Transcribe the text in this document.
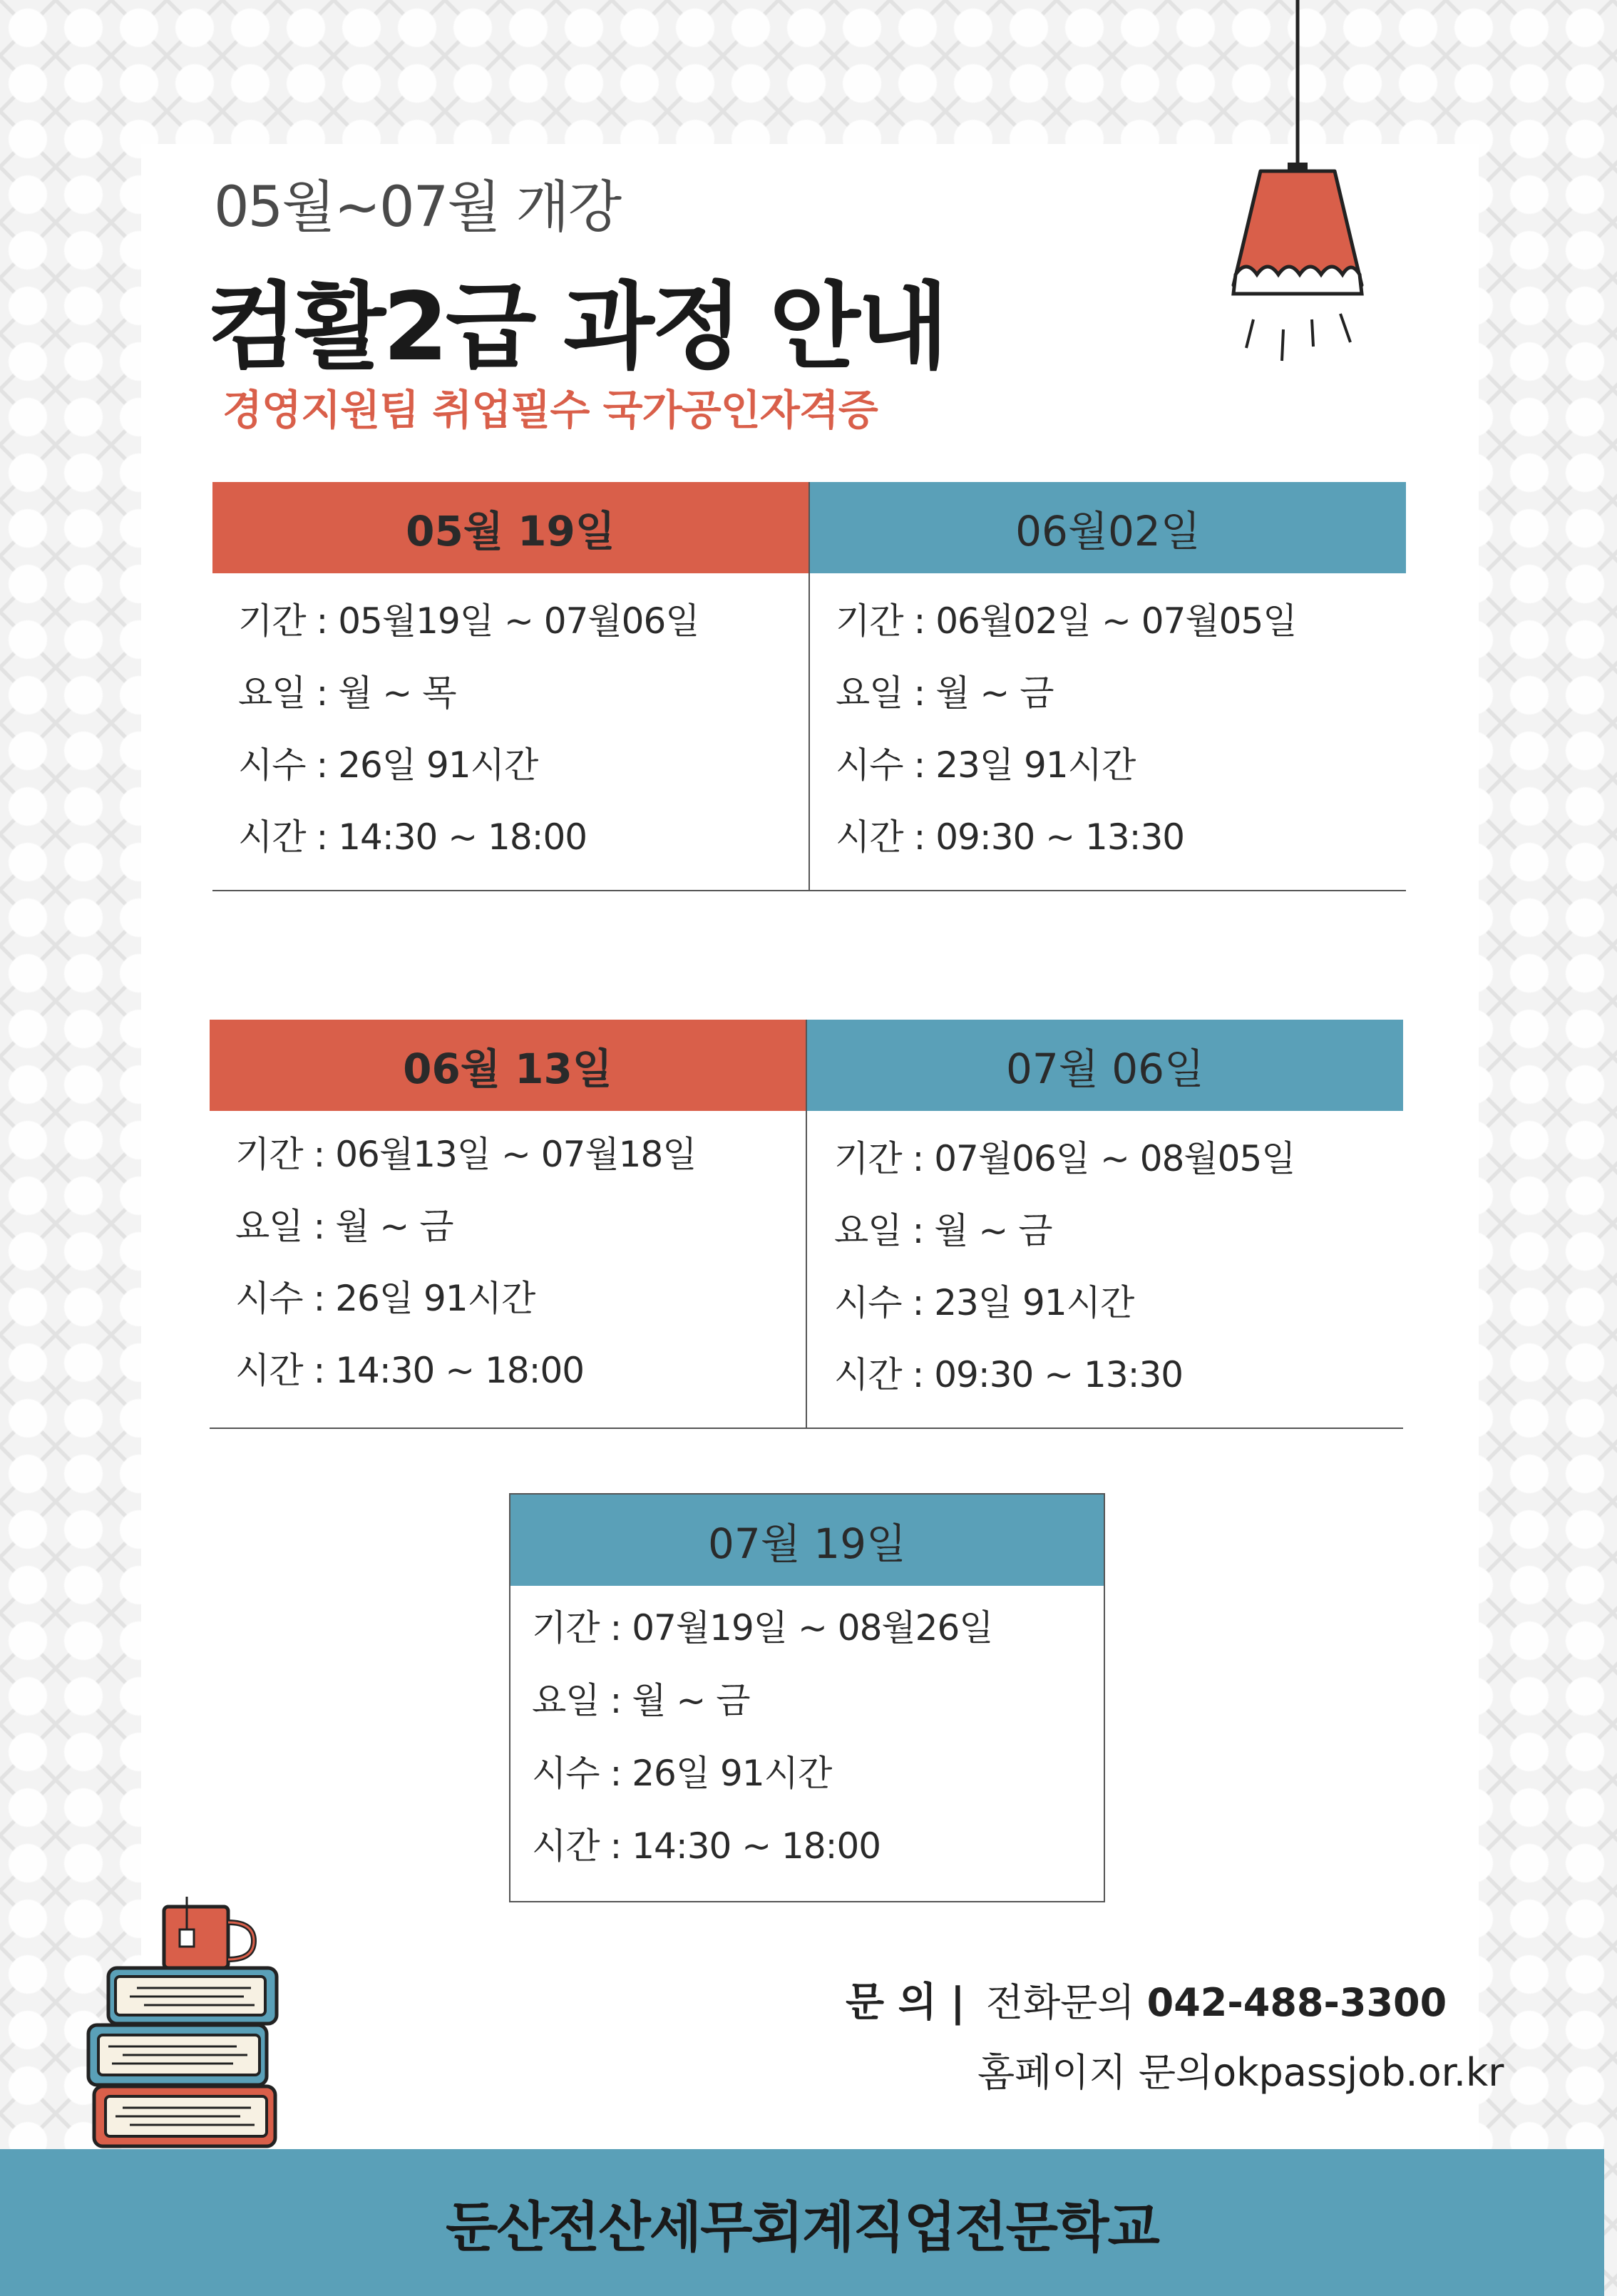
05월~07월 개강
컴활2급 과정 안내
경영지원팀 취업필수 국가공인자격증
05월 19일
기간 : 05월19일 ~ 07월06일
요일 : 월 ~ 목
시수 : 26일 91시간
시간 : 14:30 ~ 18:00
06월02일
기간 : 06월02일 ~ 07월05일
요일 : 월 ~ 금
시수 : 23일 91시간
시간 : 09:30 ~ 13:30
06월 13일
기간 : 06월13일 ~ 07월18일
요일 : 월 ~ 금
시수 : 26일 91시간
시간 : 14:30 ~ 18:00
07월 06일
기간 : 07월06일 ~ 08월05일
요일 : 월 ~ 금
시수 : 23일 91시간
시간 : 09:30 ~ 13:30
07월 19일
기간 : 07월19일 ~ 08월26일
요일 : 월 ~ 금
시수 : 26일 91시간
시간 : 14:30 ~ 18:00
문 의 | 전화문의 042-488-3300
홈페이지 문의okpassjob.or.kr
둔산전산세무회계직업전문학교
